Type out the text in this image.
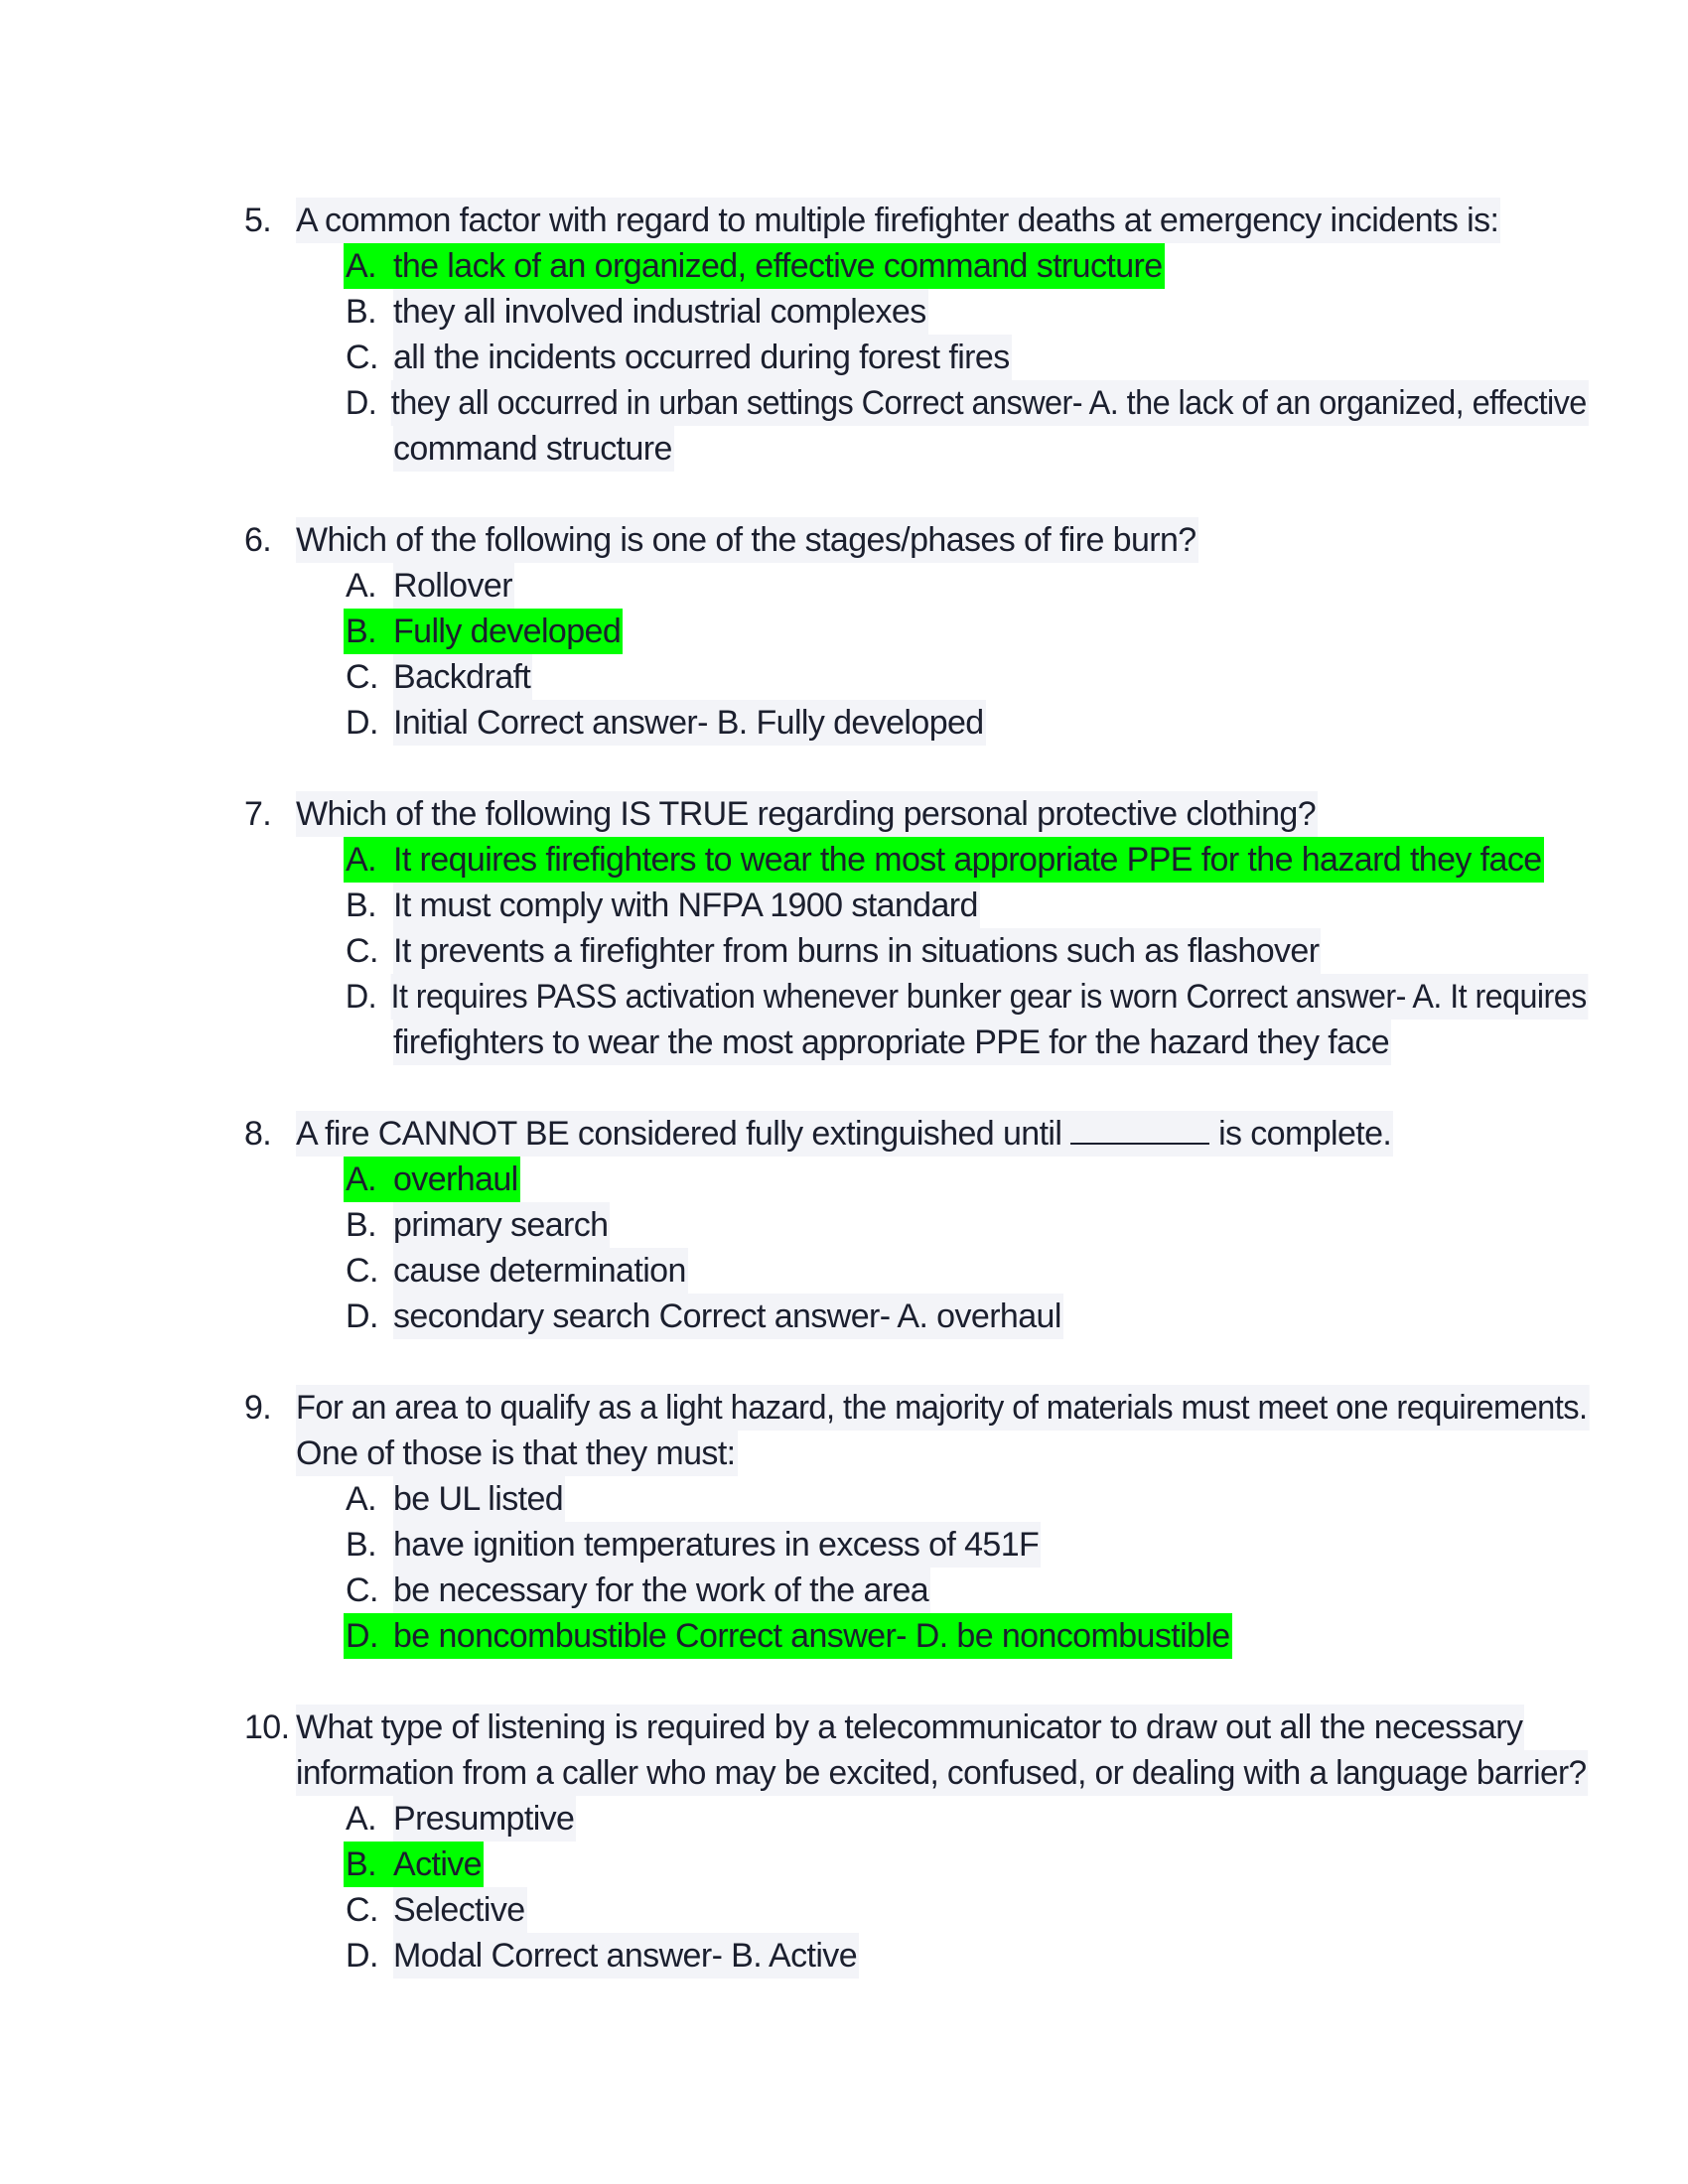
5. A common factor with regard to multiple firefighter deaths at emergency incidents is:
A. the lack of an organized, effective command structure
B. they all involved industrial complexes
C. all the incidents occurred during forest fires
D. they all occurred in urban settings Correct answer- A. the lack of an organized, effective
command structure
6. Which of the following is one of the stages/phases of fire burn?
A. Rollover
B. Fully developed
C. Backdraft
D. Initial Correct answer- B. Fully developed
7. Which of the following IS TRUE regarding personal protective clothing?
A. It requires firefighters to wear the most appropriate PPE for the hazard they face
B. It must comply with NFPA 1900 standard
C. It prevents a firefighter from burns in situations such as flashover
D. It requires PASS activation whenever bunker gear is worn Correct answer- A. It requires
firefighters to wear the most appropriate PPE for the hazard they face
8. A fire CANNOT BE considered fully extinguished until	is complete.
A. overhaul
B. primary search
C. cause determination
D. secondary search Correct answer- A. overhaul
9. For an area to qualify as a light hazard, the majority of materials must meet one requirements.
One of those is that they must:
A. be UL listed
B. have ignition temperatures in excess of 451F
C. be necessary for the work of the area
D. be noncombustible Correct answer- D. be noncombustible
10. What type of listening is required by a telecommunicator to draw out all the necessary
information from a caller who may be excited, confused, or dealing with a language barrier?
A. Presumptive
B. Active
C. Selective
D. Modal Correct answer- B. Active
